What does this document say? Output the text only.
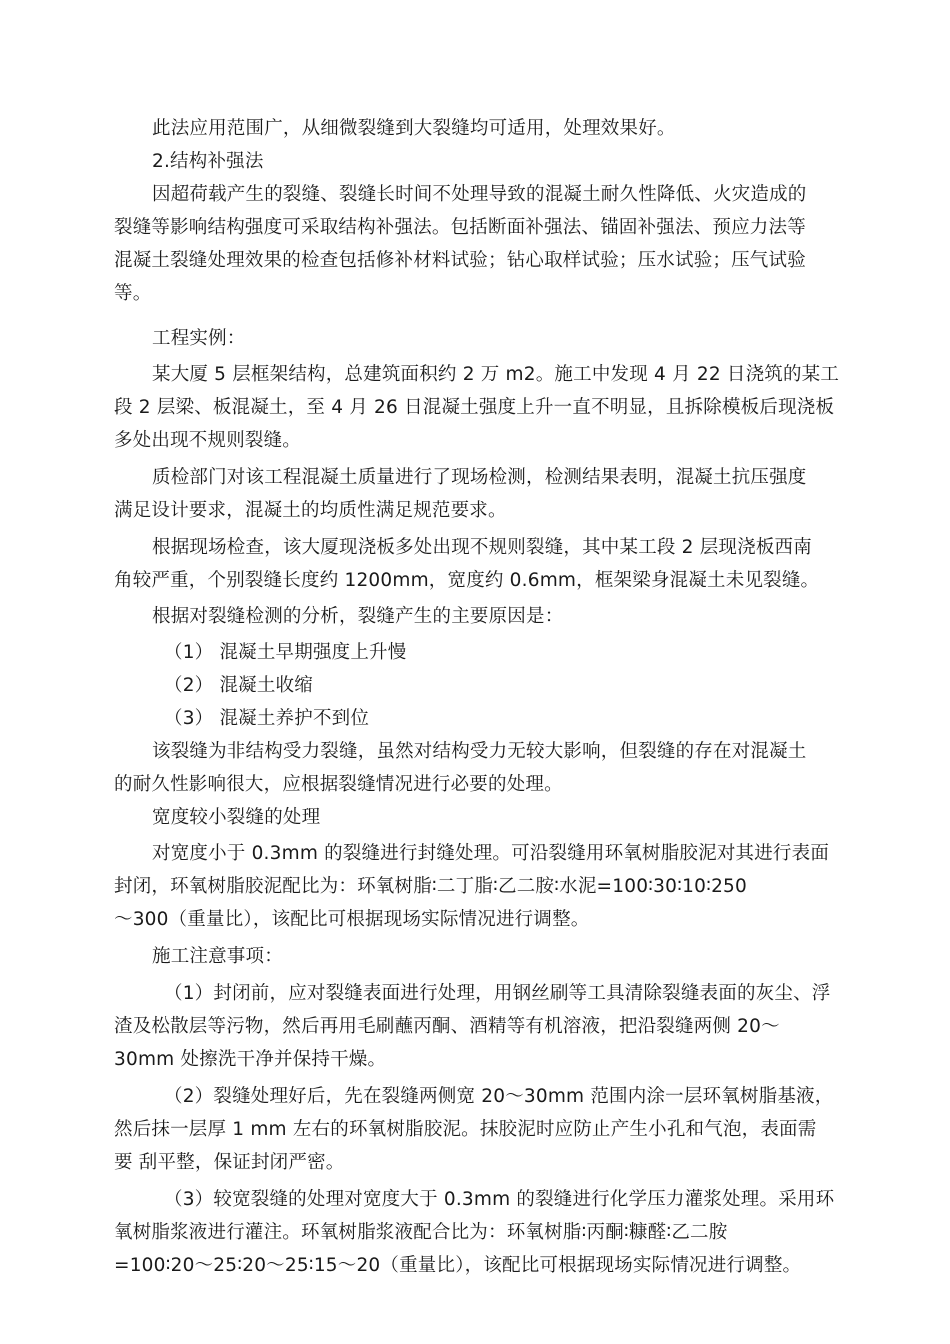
此法应用范围广，从细微裂缝到大裂缝均可适用，处理效果好。
2.结构补强法
因超荷载产生的裂缝、裂缝长时间不处理导致的混凝土耐久性降低、火灾造成的
裂缝等影响结构强度可采取结构补强法。包括断面补强法、锚固补强法、预应力法等
混凝土裂缝处理效果的检查包括修补材料试验；钻心取样试验；压水试验；压气试验
等。
工程实例：
某大厦 5 层框架结构，总建筑面积约 2 万 m2。施工中发现 4 月 22 日浇筑的某工
段 2 层梁、板混凝土，至 4 月 26 日混凝土强度上升一直不明显，且拆除模板后现浇板
多处出现不规则裂缝。
质检部门对该工程混凝土质量进行了现场检测，检测结果表明，混凝土抗压强度
满足设计要求，混凝土的均质性满足规范要求。
根据现场检查，该大厦现浇板多处出现不规则裂缝，其中某工段 2 层现浇板西南
角较严重，个别裂缝长度约 1200mm，宽度约 0.6mm，框架梁身混凝土未见裂缝。
根据对裂缝检测的分析，裂缝产生的主要原因是：
（1） 混凝土早期强度上升慢
（2） 混凝土收缩
（3） 混凝土养护不到位
该裂缝为非结构受力裂缝，虽然对结构受力无较大影响，但裂缝的存在对混凝土
的耐久性影响很大，应根据裂缝情况进行必要的处理。
宽度较小裂缝的处理
对宽度小于 0.3mm 的裂缝进行封缝处理。可沿裂缝用环氧树脂胶泥对其进行表面
封闭，环氧树脂胶泥配比为：环氧树脂∶二丁脂∶乙二胺∶水泥=100∶30∶10∶250
～300（重量比），该配比可根据现场实际情况进行调整。
施工注意事项：
（1）封闭前，应对裂缝表面进行处理，用钢丝刷等工具清除裂缝表面的灰尘、浮
渣及松散层等污物，然后再用毛刷蘸丙酮、酒精等有机溶液，把沿裂缝两侧 20～
30mm 处擦洗干净并保持干燥。
（2）裂缝处理好后，先在裂缝两侧宽 20～30mm 范围内涂一层环氧树脂基液，
然后抹一层厚 1 mm 左右的环氧树脂胶泥。抹胶泥时应防止产生小孔和气泡，表面需
要 刮平整，保证封闭严密。
（3）较宽裂缝的处理对宽度大于 0.3mm 的裂缝进行化学压力灌浆处理。采用环
氧树脂浆液进行灌注。环氧树脂浆液配合比为：环氧树脂∶丙酮∶糠醛∶乙二胺
=100∶20～25∶20～25∶15～20（重量比），该配比可根据现场实际情况进行调整。
